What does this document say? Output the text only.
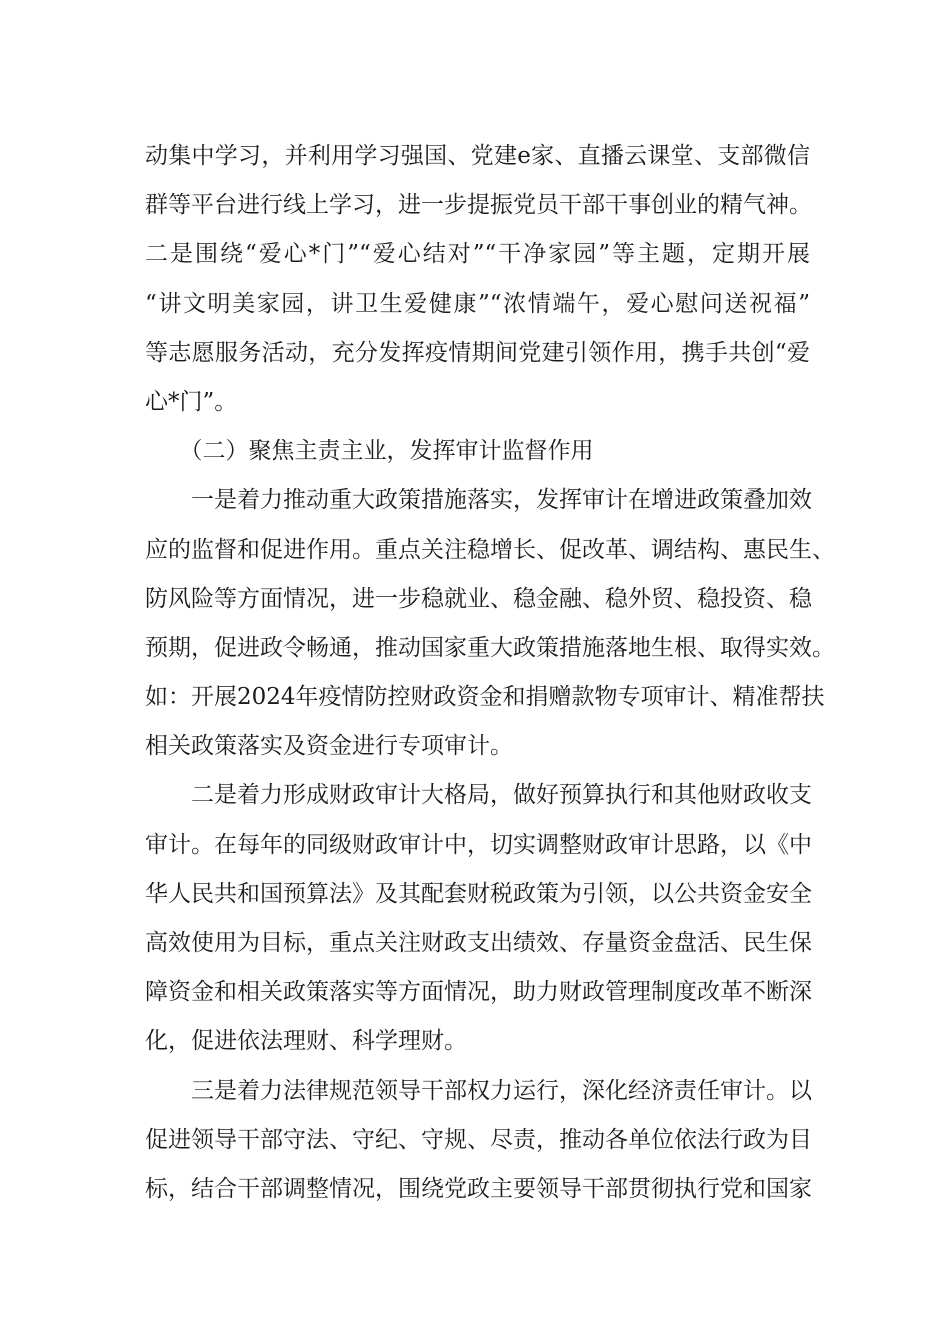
动集中学习，并利用学习强国、党建e家、直播云课堂、支部微信
群等平台进行线上学习，进一步提振党员干部干事创业的精气神。
二是围绕“爱心*门”“爱心结对”“干净家园”等主题，定期开展
“讲文明美家园，讲卫生爱健康”“浓情端午，爱心慰问送祝福”
等志愿服务活动，充分发挥疫情期间党建引领作用，携手共创“爱
心*门”。
　　（二）聚焦主责主业，发挥审计监督作用
　　一是着力推动重大政策措施落实，发挥审计在增进政策叠加效
应的监督和促进作用。重点关注稳增长、促改革、调结构、惠民生、
防风险等方面情况，进一步稳就业、稳金融、稳外贸、稳投资、稳
预期，促进政令畅通，推动国家重大政策措施落地生根、取得实效。
如：开展2024年疫情防控财政资金和捐赠款物专项审计、精准帮扶
相关政策落实及资金进行专项审计。
　　二是着力形成财政审计大格局，做好预算执行和其他财政收支
审计。在每年的同级财政审计中，切实调整财政审计思路，以《中
华人民共和国预算法》及其配套财税政策为引领，以公共资金安全
高效使用为目标，重点关注财政支出绩效、存量资金盘活、民生保
障资金和相关政策落实等方面情况，助力财政管理制度改革不断深
化，促进依法理财、科学理财。
　　三是着力法律规范领导干部权力运行，深化经济责任审计。以
促进领导干部守法、守纪、守规、尽责，推动各单位依法行政为目
标，结合干部调整情况，围绕党政主要领导干部贯彻执行党和国家
